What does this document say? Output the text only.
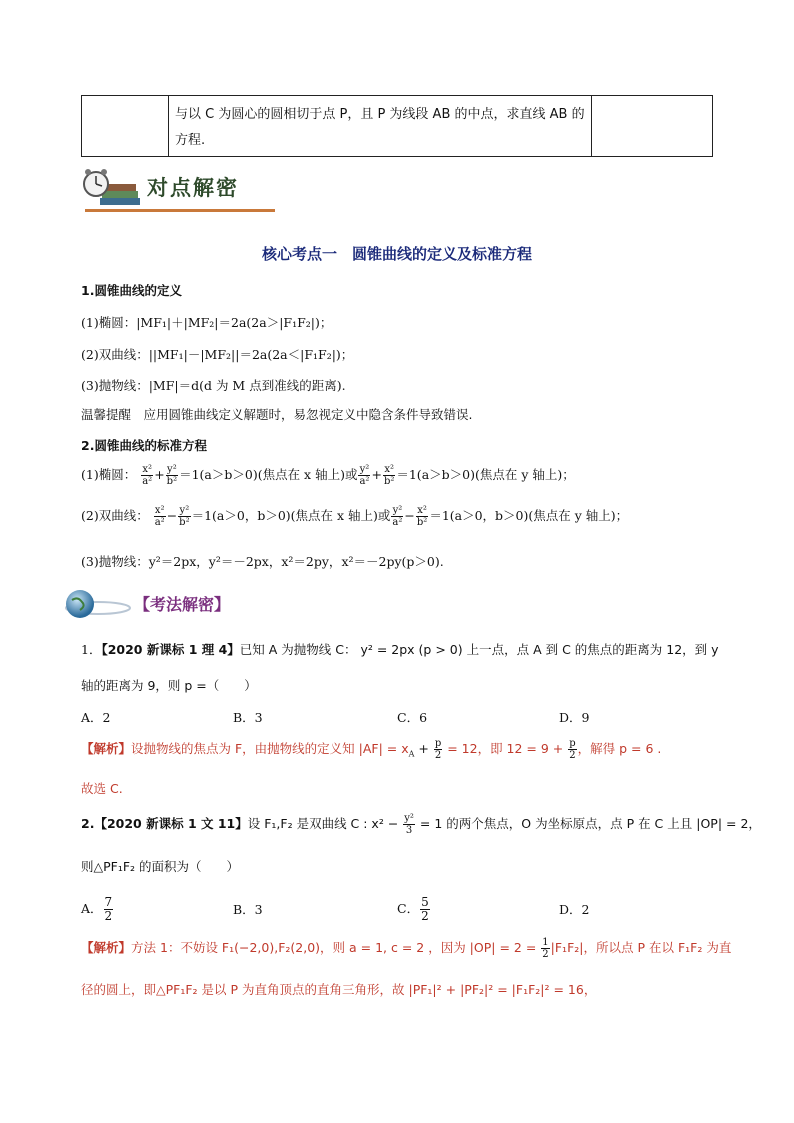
与以 C 为圆心的圆相切于点 P，且 P 为线段 AB 的中点，求直线 AB 的方程.
对点解密
核心考点一　圆锥曲线的定义及标准方程
1.圆锥曲线的定义
(1)椭圆：|MF₁|＋|MF₂|＝2a(2a＞|F₁F₂|)；
(2)双曲线：||MF₁|－|MF₂||＝2a(2a＜|F₁F₂|)；
(3)抛物线：|MF|＝d(d 为 M 点到准线的距离).
温馨提醒　应用圆锥曲线定义解题时，易忽视定义中隐含条件导致错误.
2.圆锥曲线的标准方程
(1)椭圆： $\frac{\text{x²}}{\text{a²}} + \frac{\text{y²}}{\text{b²}} =1(a>b>0)$(焦点在 x 轴上)或 $\frac{\text{y²}}{\text{a²}} + \frac{\text{x²}}{\text{b²}} =1(a>b>0)$(焦点在 y 轴上)；
(2)双曲线： $\frac{\text{x²}}{\text{a²}} - \frac{\text{y²}}{\text{b²}} =1(a>0$，b＞0)(焦点在 x 轴上)或 $\frac{\text{y²}}{\text{a²}} - \frac{\text{x²}}{\text{b²}} =1(a>0$，b＞0)(焦点在 y 轴上)；
(3)抛物线：y²＝2px，y²＝－2px，x²＝2py，x²＝－2py(p＞0).
【考法解密】
1．【2020 新课标 1 理 4】已知 A 为抛物线 C： y² = 2px (p > 0) 上一点，点 A 到 C 的焦点的距离为 12，到 y
轴的距离为 9，则 p =（　　）
A．2	B．3	C．6	D．9
【解析】设抛物线的焦点为 F，由抛物线的定义知 $|AF| = x_A + \frac{p}{2} = 12$，即 $12 = 9 + \frac{p}{2}$ ，解得 p = 6 .
故选 C.
2.【2020 新课标 1 文 11】设 F₁,F₂ 是双曲线 C : $x^2 - \frac{\text{y²}}{3} = 1$ 的两个焦点，O 为坐标原点，点 P 在 C 上且 |OP| = 2，
则△PF₁F₂ 的面积为（　　）
A． $\frac{7}{2}$	B．3	C． $\frac{5}{2}$	D．2
【解析】方法 1：不妨设 F₁(−2,0),F₂(2,0)，则 a = 1, c = 2 ，因为 $|OP| = 2 = \frac{1}{2} |F_1F_2|$，所以点 P 在以 F₁F₂ 为直
径的圆上，即△PF₁F₂ 是以 P 为直角顶点的直角三角形，故 |PF₁|² + |PF₂|² = |F₁F₂|² = 16，
